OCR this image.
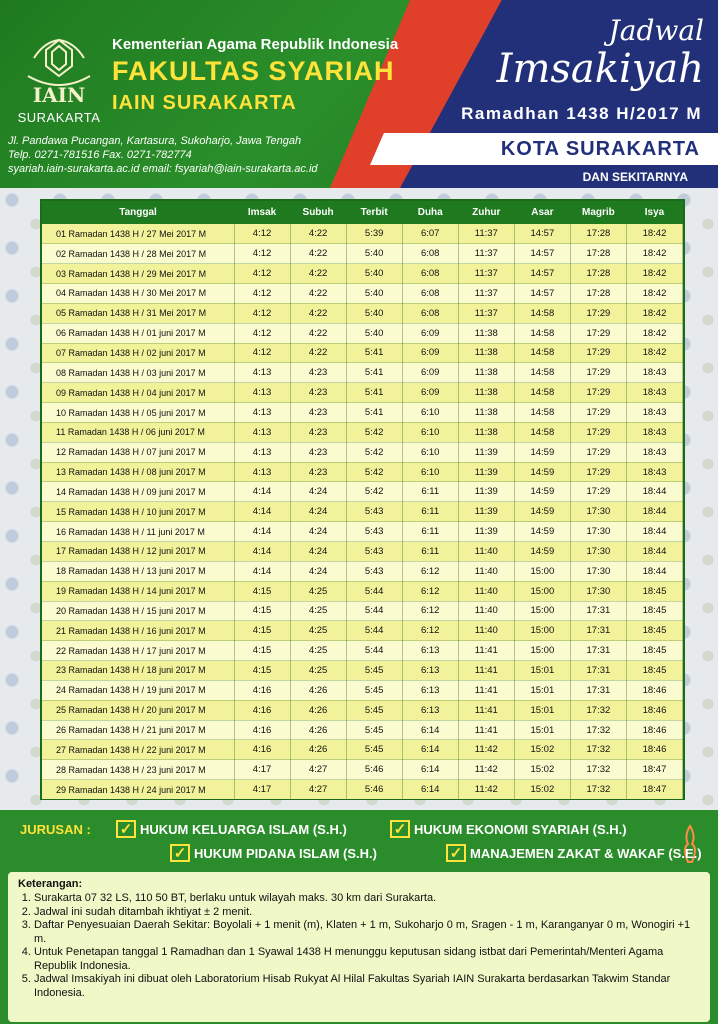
IAIN
SURAKARTA
Kementerian Agama Republik Indonesia
FAKULTAS SYARIAH
IAIN SURAKARTA
Jl. Pandawa Pucangan, Kartasura, Sukoharjo, Jawa Tengah
Telp. 0271-781516 Fax. 0271-782774
syariah.iain-surakarta.ac.id email: fsyariah@iain-surakarta.ac.id
Jadwal
Imsakiyah
Ramadhan 1438 H/2017 M
KOTA SURAKARTA
DAN SEKITARNYA
Tanggal	Imsak	Subuh	Terbit	Duha	Zuhur	Asar	Magrib	Isya
01 Ramadan 1438 H / 27 Mei 2017 M	4:12	4:22	5:39	6:07	11:37	14:57	17:28	18:42
02 Ramadan 1438 H / 28 Mei 2017 M	4:12	4:22	5:40	6:08	11:37	14:57	17:28	18:42
03 Ramadan 1438 H / 29 Mei 2017 M	4:12	4:22	5:40	6:08	11:37	14:57	17:28	18:42
04 Ramadan 1438 H / 30 Mei 2017 M	4:12	4:22	5:40	6:08	11:37	14:57	17:28	18:42
05 Ramadan 1438 H / 31 Mei 2017 M	4:12	4:22	5:40	6:08	11:37	14:58	17:29	18:42
06 Ramadan 1438 H / 01 juni 2017 M	4:12	4:22	5:40	6:09	11:38	14:58	17:29	18:42
07 Ramadan 1438 H / 02 juni 2017 M	4:12	4:22	5:41	6:09	11:38	14:58	17:29	18:42
08 Ramadan 1438 H / 03 juni 2017 M	4:13	4:23	5:41	6:09	11:38	14:58	17:29	18:43
09 Ramadan 1438 H / 04 juni 2017 M	4:13	4:23	5:41	6:09	11:38	14:58	17:29	18:43
10 Ramadan 1438 H / 05 juni 2017 M	4:13	4:23	5:41	6:10	11:38	14:58	17:29	18:43
11 Ramadan 1438 H / 06 juni 2017 M	4:13	4:23	5:42	6:10	11:38	14:58	17:29	18:43
12 Ramadan 1438 H / 07 juni 2017 M	4:13	4:23	5:42	6:10	11:39	14:59	17:29	18:43
13 Ramadan 1438 H / 08 juni 2017 M	4:13	4:23	5:42	6:10	11:39	14:59	17:29	18:43
14 Ramadan 1438 H / 09 juni 2017 M	4:14	4:24	5:42	6:11	11:39	14:59	17:29	18:44
15 Ramadan 1438 H / 10 juni 2017 M	4:14	4:24	5:43	6:11	11:39	14:59	17:30	18:44
16 Ramadan 1438 H / 11 juni 2017 M	4:14	4:24	5:43	6:11	11:39	14:59	17:30	18:44
17 Ramadan 1438 H / 12 juni 2017 M	4:14	4:24	5:43	6:11	11:40	14:59	17:30	18:44
18 Ramadan 1438 H / 13 juni 2017 M	4:14	4:24	5:43	6:12	11:40	15:00	17:30	18:44
19 Ramadan 1438 H / 14 juni 2017 M	4:15	4:25	5:44	6:12	11:40	15:00	17:30	18:45
20 Ramadan 1438 H / 15 juni 2017 M	4:15	4:25	5:44	6:12	11:40	15:00	17:31	18:45
21 Ramadan 1438 H / 16 juni 2017 M	4:15	4:25	5:44	6:12	11:40	15:00	17:31	18:45
22 Ramadan 1438 H / 17 juni 2017 M	4:15	4:25	5:44	6:13	11:41	15:00	17:31	18:45
23 Ramadan 1438 H / 18 juni 2017 M	4:15	4:25	5:45	6:13	11:41	15:01	17:31	18:45
24 Ramadan 1438 H / 19 juni 2017 M	4:16	4:26	5:45	6:13	11:41	15:01	17:31	18:46
25 Ramadan 1438 H / 20 juni 2017 M	4:16	4:26	5:45	6:13	11:41	15:01	17:32	18:46
26 Ramadan 1438 H / 21 juni 2017 M	4:16	4:26	5:45	6:14	11:41	15:01	17:32	18:46
27 Ramadan 1438 H / 22 juni 2017 M	4:16	4:26	5:45	6:14	11:42	15:02	17:32	18:46
28 Ramadan 1438 H / 23 juni 2017 M	4:17	4:27	5:46	6:14	11:42	15:02	17:32	18:47
29 Ramadan 1438 H / 24 juni 2017 M	4:17	4:27	5:46	6:14	11:42	15:02	17:32	18:47
JURUSAN : ✓ HUKUM KELUARGA ISLAM (S.H.)	✓ HUKUM EKONOMI SYARIAH (S.H.)
✓ HUKUM PIDANA ISLAM (S.H.)	✓ MANAJEMEN ZAKAT & WAKAF (S.E.)
Keterangan:
1. Surakarta 07 32 LS, 110 50 BT, berlaku untuk wilayah maks. 30 km dari Surakarta.
2. Jadwal ini sudah ditambah ikhtiyat ± 2 menit.
3. Daftar Penyesuaian Daerah Sekitar: Boyolali + 1 menit (m), Klaten + 1 m, Sukoharjo 0 m, Sragen - 1 m, Karanganyar 0 m, Wonogiri +1 m.
4. Untuk Penetapan tanggal 1 Ramadhan dan 1 Syawal 1438 H menunggu keputusan sidang istbat dari Pemerintah/Menteri Agama Republik Indonesia.
5. Jadwal Imsakiyah ini dibuat oleh Laboratorium Hisab Rukyat Al Hilal Fakultas Syariah IAIN Surakarta berdasarkan Takwim Standar Indonesia.
